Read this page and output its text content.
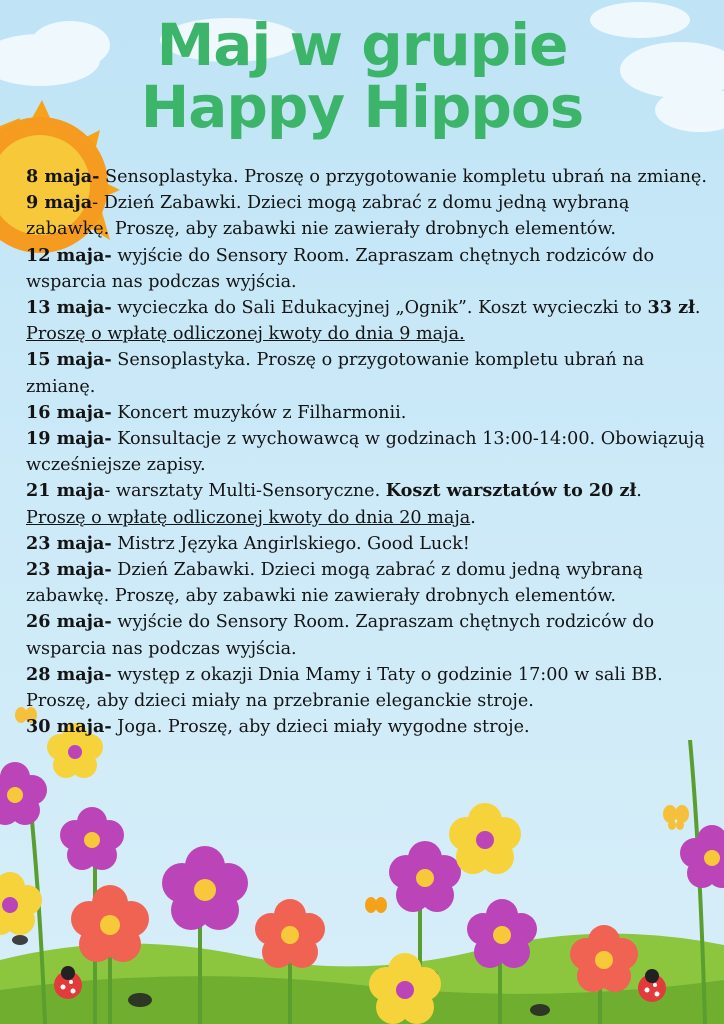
Maj w grupie
Happy Hippos
8 maja- Sensoplastyka. Proszę o przygotowanie kompletu ubrań na zmianę.
9 maja- Dzień Zabawki. Dzieci mogą zabrać z domu jedną wybraną zabawkę. Proszę, aby zabawki nie zawierały drobnych elementów.
12 maja- wyjście do Sensory Room. Zapraszam chętnych rodziców do wsparcia nas podczas wyjścia.
13 maja- wycieczka do Sali Edukacyjnej „Ognik”. Koszt wycieczki to 33 zł.
Proszę o wpłatę odliczonej kwoty do dnia 9 maja.
15 maja- Sensoplastyka. Proszę o przygotowanie kompletu ubrań na zmianę.
16 maja- Koncert muzyków z Filharmonii.
19 maja- Konsultacje z wychowawcą w godzinach 13:00-14:00. Obowiązują wcześniejsze zapisy.
21 maja- warsztaty Multi-Sensoryczne. Koszt warsztatów to 20 zł.
Proszę o wpłatę odliczonej kwoty do dnia 20 maja.
23 maja- Mistrz Języka Angirlskiego. Good Luck!
23 maja- Dzień Zabawki. Dzieci mogą zabrać z domu jedną wybraną zabawkę. Proszę, aby zabawki nie zawierały drobnych elementów.
26 maja- wyjście do Sensory Room. Zapraszam chętnych rodziców do wsparcia nas podczas wyjścia.
28 maja- występ z okazji Dnia Mamy i Taty o godzinie 17:00 w sali BB. Proszę, aby dzieci miały na przebranie eleganckie stroje.
30 maja- Joga. Proszę, aby dzieci miały wygodne stroje.
